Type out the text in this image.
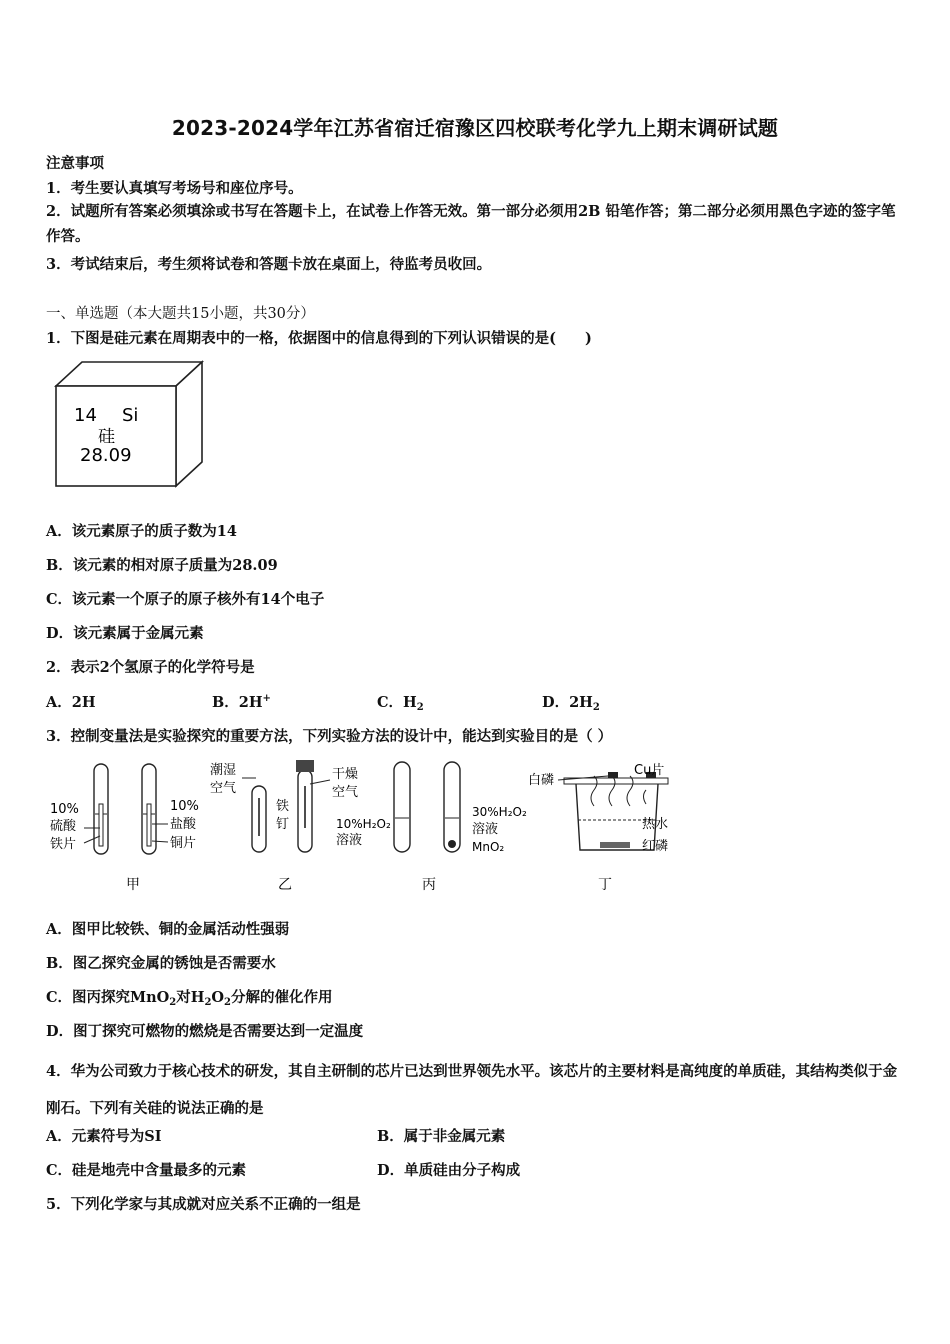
2023-2024学年江苏省宿迁宿豫区四校联考化学九上期末调研试题
注意事项
1．考生要认真填写考场号和座位序号。
2．试题所有答案必须填涂或书写在答题卡上，在试卷上作答无效。第一部分必须用2B 铅笔作答；第二部分必须用黑色字迹的签字笔作答。
3．考试结束后，考生须将试卷和答题卡放在桌面上，待监考员收回。
一、单选题（本大题共15小题，共30分）
1．下图是硅元素在周期表中的一格，依据图中的信息得到的下列认识错误的是(　　)
14 Si
硅
28.09
A．该元素原子的质子数为14
B．该元素的相对原子质量为28.09
C．该元素一个原子的原子核外有14个电子
D．该元素属于金属元素
2．表示2个氢原子的化学符号是
A．2H	B．2H+	C．$H_2$	D．$2H_2$
3．控制变量法是实验探究的重要方法，下列实验方法的设计中，能达到实验目的是（ ）
10%
硫酸
铁片
10%
盐酸
铜片
甲
潮湿
空气
铁
钉
干燥
空气
乙
10%H₂O₂
溶液
30%H₂O₂
溶液
MnO₂
丙
白磷
Cu片
热水
红磷
丁
A．图甲比较铁、铜的金属活动性强弱
B．图乙探究金属的锈蚀是否需要水
C．图丙探究MnO$_2$对$H_2O_2$分解的催化作用
D．图丁探究可燃物的燃烧是否需要达到一定温度
4．华为公司致力于核心技术的研发，其自主研制的芯片已达到世界领先水平。该芯片的主要材料是高纯度的单质硅，其结构类似于金刚石。下列有关硅的说法正确的是
A．元素符号为SI	B．属于非金属元素
C．硅是地壳中含量最多的元素	D．单质硅由分子构成
5．下列化学家与其成就对应关系不正确的一组是
